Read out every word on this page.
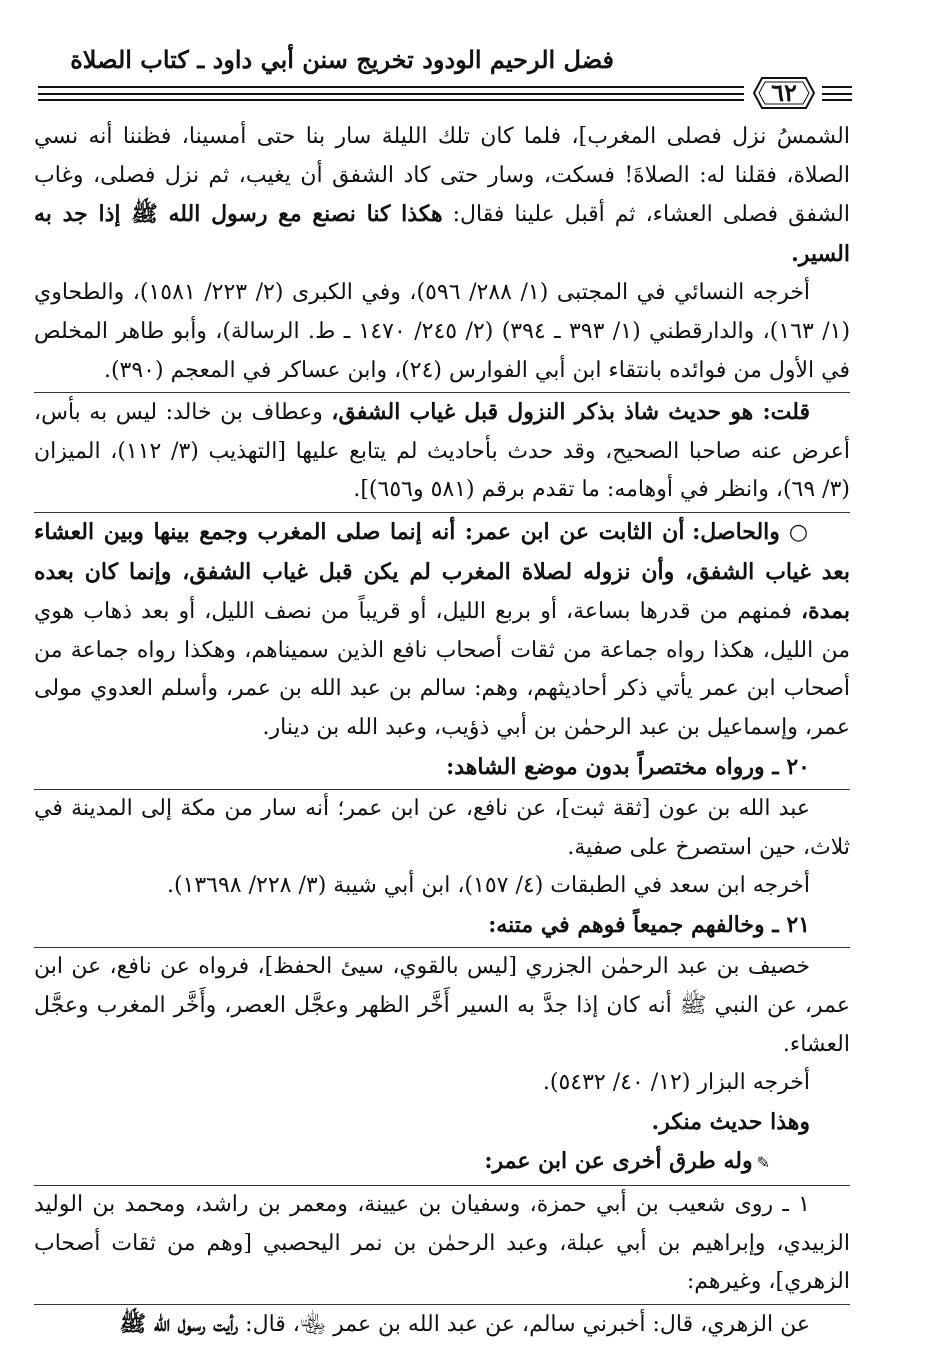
فضل الرحيم الودود تخريج سنن أبي داود ـ كتاب الصلاة
٦٢

الشمسُ نزل فصلى المغرب]، فلما كان تلك الليلة سار بنا حتى أمسينا، فظننا أنه نسي الصلاة، فقلنا له: الصلاةَ! فسكت، وسار حتى كاد الشفق أن يغيب، ثم نزل فصلى، وغاب الشفق فصلى العشاء، ثم أقبل علينا فقال: هكذا كنا نصنع مع رسول الله ﷺ إذا جد به السير.

أخرجه النسائي في المجتبى (١/ ٢٨٨/ ٥٩٦)، وفي الكبرى (٢/ ٢٢٣/ ١٥٨١)، والطحاوي (١/ ١٦٣)، والدارقطني (١/ ٣٩٣ ـ ٣٩٤) (٢/ ٢٤٥/ ١٤٧٠ ـ ط. الرسالة)، وأبو طاهر المخلص في الأول من فوائده بانتقاء ابن أبي الفوارس (٢٤)، وابن عساكر في المعجم (٣٩٠).

قلت: هو حديث شاذ بذكر النزول قبل غياب الشفق، وعطاف بن خالد: ليس به بأس، أعرض عنه صاحبا الصحيح، وقد حدث بأحاديث لم يتابع عليها [التهذيب (٣/ ١١٢)، الميزان (٣/ ٦٩)، وانظر في أوهامه: ما تقدم برقم (٥٨١ و٦٥٦)].

○ والحاصل: أن الثابت عن ابن عمر: أنه إنما صلى المغرب وجمع بينها وبين العشاء بعد غياب الشفق، وأن نزوله لصلاة المغرب لم يكن قبل غياب الشفق، وإنما كان بعده بمدة، فمنهم من قدرها بساعة، أو بربع الليل، أو قريباً من نصف الليل، أو بعد ذهاب هوي من الليل، هكذا رواه جماعة من ثقات أصحاب نافع الذين سميناهم، وهكذا رواه جماعة من أصحاب ابن عمر يأتي ذكر أحاديثهم، وهم: سالم بن عبد الله بن عمر، وأسلم العدوي مولى عمر، وإسماعيل بن عبد الرحمٰن بن أبي ذؤيب، وعبد الله بن دينار.

٢٠ ـ ورواه مختصراً بدون موضع الشاهد:

عبد الله بن عون [ثقة ثبت]، عن نافع، عن ابن عمر؛ أنه سار من مكة إلى المدينة في ثلاث، حين استصرخ على صفية.

أخرجه ابن سعد في الطبقات (٤/ ١٥٧)، ابن أبي شيبة (٣/ ٢٢٨/ ١٣٦٩٨).

٢١ ـ وخالفهم جميعاً فوهم في متنه:

خصيف بن عبد الرحمٰن الجزري [ليس بالقوي، سيئ الحفظ]، فرواه عن نافع، عن ابن عمر، عن النبي ﷺ أنه كان إذا جدَّ به السير أَخَّر الظهر وعجَّل العصر، وأَخَّر المغرب وعجَّل العشاء.

أخرجه البزار (١٢/ ٤٠/ ٥٤٣٢).

وهذا حديث منكر.

✎وله طرق أخرى عن ابن عمر:

١ ـ روى شعيب بن أبي حمزة، وسفيان بن عيينة، ومعمر بن راشد، ومحمد بن الوليد الزبيدي، وإبراهيم بن أبي عبلة، وعبد الرحمٰن بن نمر اليحصبي [وهم من ثقات أصحاب الزهري]، وغيرهم:

عن الزهري، قال: أخبرني سالم، عن عبد الله بن عمر ﵄، قال: رأيت رسول الله ﷺ
